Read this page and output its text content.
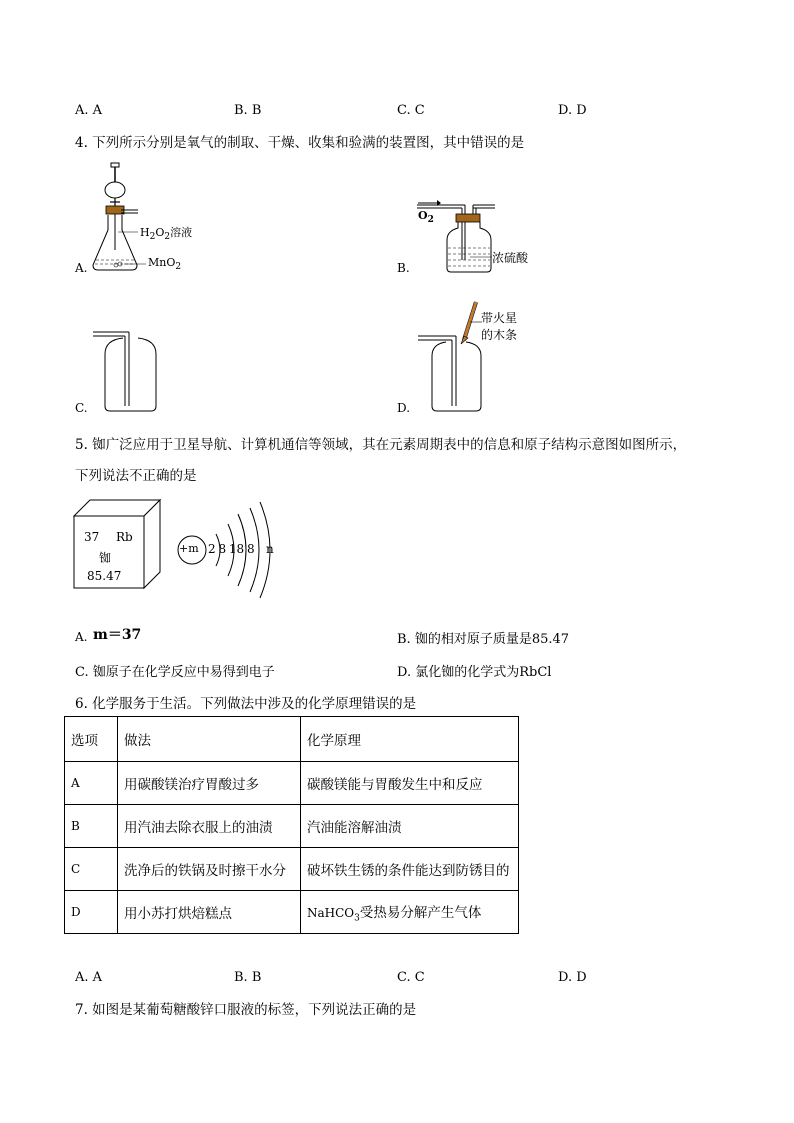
A. A	B. B	C. C	D. D
4. 下列所示分别是氧气的制取、干燥、收集和验满的装置图，其中错误的是
A.
$H_2O_2$溶液
MnO$_2$	B.
$O_2$
浓硫酸
C.	D.
带火星
的木条
5. 铷广泛应用于卫星导航、计算机通信等领域，其在元素周期表中的信息和原子结构示意图如图所示，
下列说法不正确的是
37 Rb
铷
85.47
+m 2 8 18 8 n
A. m＝37	B. 铷的相对原子质量是85.47
C. 铷原子在化学反应中易得到电子	D. 氯化铷的化学式为RbCl
6. 化学服务于生活。下列做法中涉及的化学原理错误的是
选项	做法	化学原理
A	用碳酸镁治疗胃酸过多	碳酸镁能与胃酸发生中和反应
B	用汽油去除衣服上的油渍	汽油能溶解油渍
C	洗净后的铁锅及时擦干水分	破坏铁生锈的条件能达到防锈目的
D	用小苏打烘焙糕点	NaHCO$_3$受热易分解产生气体
A. A	B. B	C. C	D. D
7. 如图是某葡萄糖酸锌口服液的标签，下列说法正确的是
